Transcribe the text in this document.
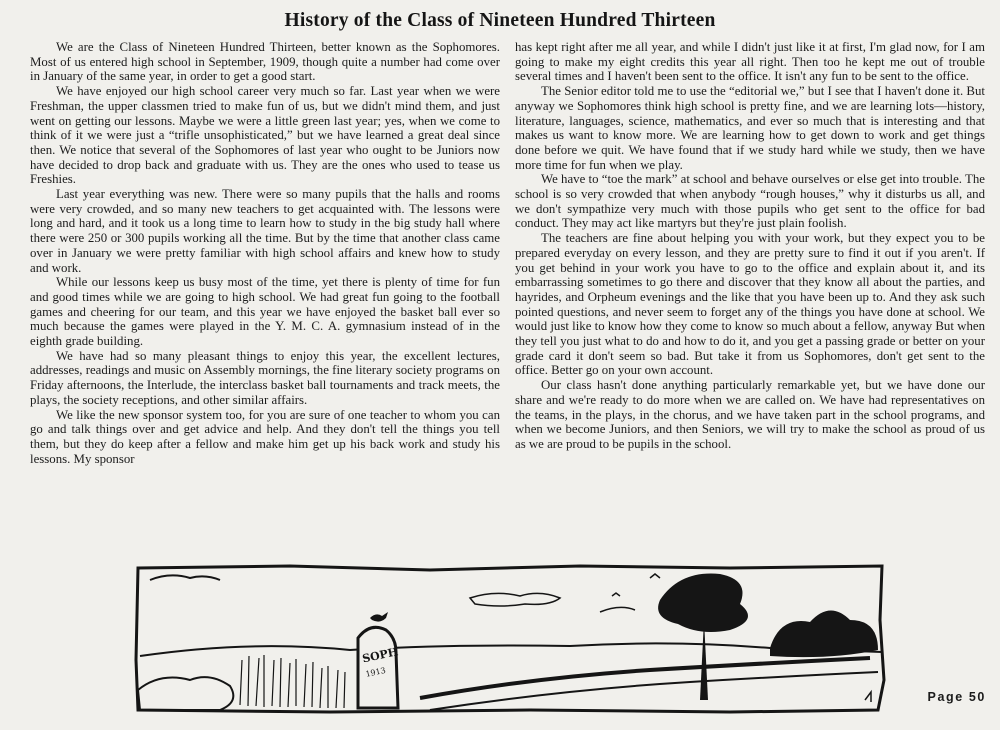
History of the Class of Nineteen Hundred Thirteen

We are the Class of Nineteen Hundred Thirteen, better known as the Sophomores. Most of us entered high school in September, 1909, though quite a number had come over in January of the same year, in order to get a good start.

We have enjoyed our high school career very much so far. Last year when we were Freshman, the upper classmen tried to make fun of us, but we didn't mind them, and just went on getting our lessons. Maybe we were a little green last year; yes, when we come to think of it we were just a “trifle unsophisticated,” but we have learned a great deal since then. We notice that several of the Sophomores of last year who ought to be Juniors now have decided to drop back and graduate with us. They are the ones who used to tease us Freshies.

Last year everything was new. There were so many pupils that the halls and rooms were very crowded, and so many new teachers to get acquainted with. The lessons were long and hard, and it took us a long time to learn how to study in the big study hall where there were 250 or 300 pupils working all the time. But by the time that another class came over in January we were pretty familiar with high school affairs and knew how to study and work.

While our lessons keep us busy most of the time, yet there is plenty of time for fun and good times while we are going to high school. We had great fun going to the football games and cheering for our team, and this year we have enjoyed the basket ball ever so much because the games were played in the Y. M. C. A. gymnasium instead of in the eighth grade building.

We have had so many pleasant things to enjoy this year, the excellent lectures, addresses, readings and music on Assembly mornings, the fine literary society programs on Friday afternoons, the Interlude, the interclass basket ball tournaments and track meets, the plays, the society receptions, and other similar affairs.

We like the new sponsor system too, for you are sure of one teacher to whom you can go and talk things over and get advice and help. And they don't tell the things you tell them, but they do keep after a fellow and make him get up his back work and study his lessons. My sponsor

has kept right after me all year, and while I didn't just like it at first, I'm glad now, for I am going to make my eight credits this year all right. Then too he kept me out of trouble several times and I haven't been sent to the office. It isn't any fun to be sent to the office.

The Senior editor told me to use the “editorial we,” but I see that I haven't done it. But anyway we Sophomores think high school is pretty fine, and we are learning lots—history, literature, languages, science, mathematics, and ever so much that is interesting and that makes us want to know more. We are learning how to get down to work and get things done before we quit. We have found that if we study hard while we study, then we have more time for fun when we play.

We have to “toe the mark” at school and behave ourselves or else get into trouble. The school is so very crowded that when anybody “rough houses,” why it disturbs us all, and we don't sympathize very much with those pupils who get sent to the office for bad conduct. They may act like martyrs but they're just plain foolish.

The teachers are fine about helping you with your work, but they expect you to be prepared everyday on every lesson, and they are pretty sure to find it out if you aren't. If you get behind in your work you have to go to the office and explain about it, and its embarrassing sometimes to go there and discover that they know all about the parties, and hayrides, and Orpheum evenings and the like that you have been up to. And they ask such pointed questions, and never seem to forget any of the things you have done at school. We would just like to know how they come to know so much about a fellow, anyway But when they tell you just what to do and how to do it, and you get a passing grade or better on your grade card it don't seem so bad. But take it from us Sophomores, don't get sent to the office. Better go on your own account.

Our class hasn't done anything particularly remarkable yet, but we have done our share and we're ready to do more when we are called on. We have had representatives on the teams, in the plays, in the chorus, and we have taken part in the school programs, and when we become Juniors, and then Seniors, we will try to make the school as proud of us as we are proud to be pupils in the school.

SOPH
1913
Page 50
